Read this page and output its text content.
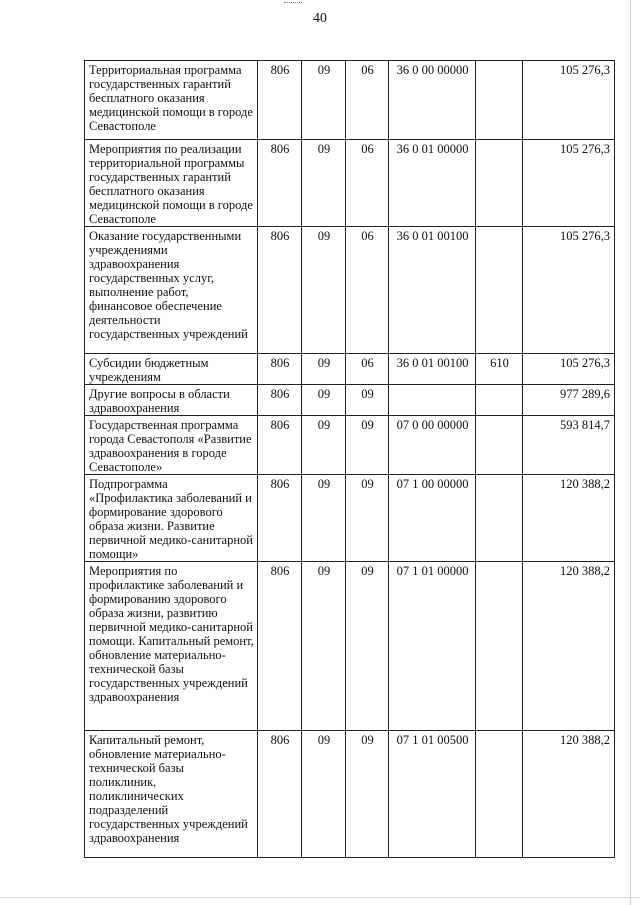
40
Территориальная программа государственных гарантий бесплатного оказания медицинской помощи в городе Севастополе	806	09	06	36 0 00 00000		105 276,3
Мероприятия по реализации территориальной программы государственных гарантий бесплатного оказания медицинской помощи в городе Севастополе	806	09	06	36 0 01 00000		105 276,3
Оказание государственными учреждениями здравоохранения государственных услуг, выполнение работ, финансовое обеспечение деятельности государственных учреждений	806	09	06	36 0 01 00100		105 276,3
Субсидии бюджетным учреждениям	806	09	06	36 0 01 00100	610	105 276,3
Другие вопросы в области здравоохранения	806	09	09			977 289,6
Государственная программа города Севастополя «Развитие здравоохранения в городе Севастополе»	806	09	09	07 0 00 00000		593 814,7
Подпрограмма «Профилактика заболеваний и формирование здорового образа жизни. Развитие первичной медико-санитарной помощи»	806	09	09	07 1 00 00000		120 388,2
Мероприятия по профилактике заболеваний и формированию здорового образа жизни, развитию первичной медико-санитарной помощи. Капитальный ремонт, обновление материально-технической базы государственных учреждений здравоохранения	806	09	09	07 1 01 00000		120 388,2
Капитальный ремонт, обновление материально-технической базы поликлиник, поликлинических подразделений государственных учреждений здравоохранения	806	09	09	07 1 01 00500		120 388,2
